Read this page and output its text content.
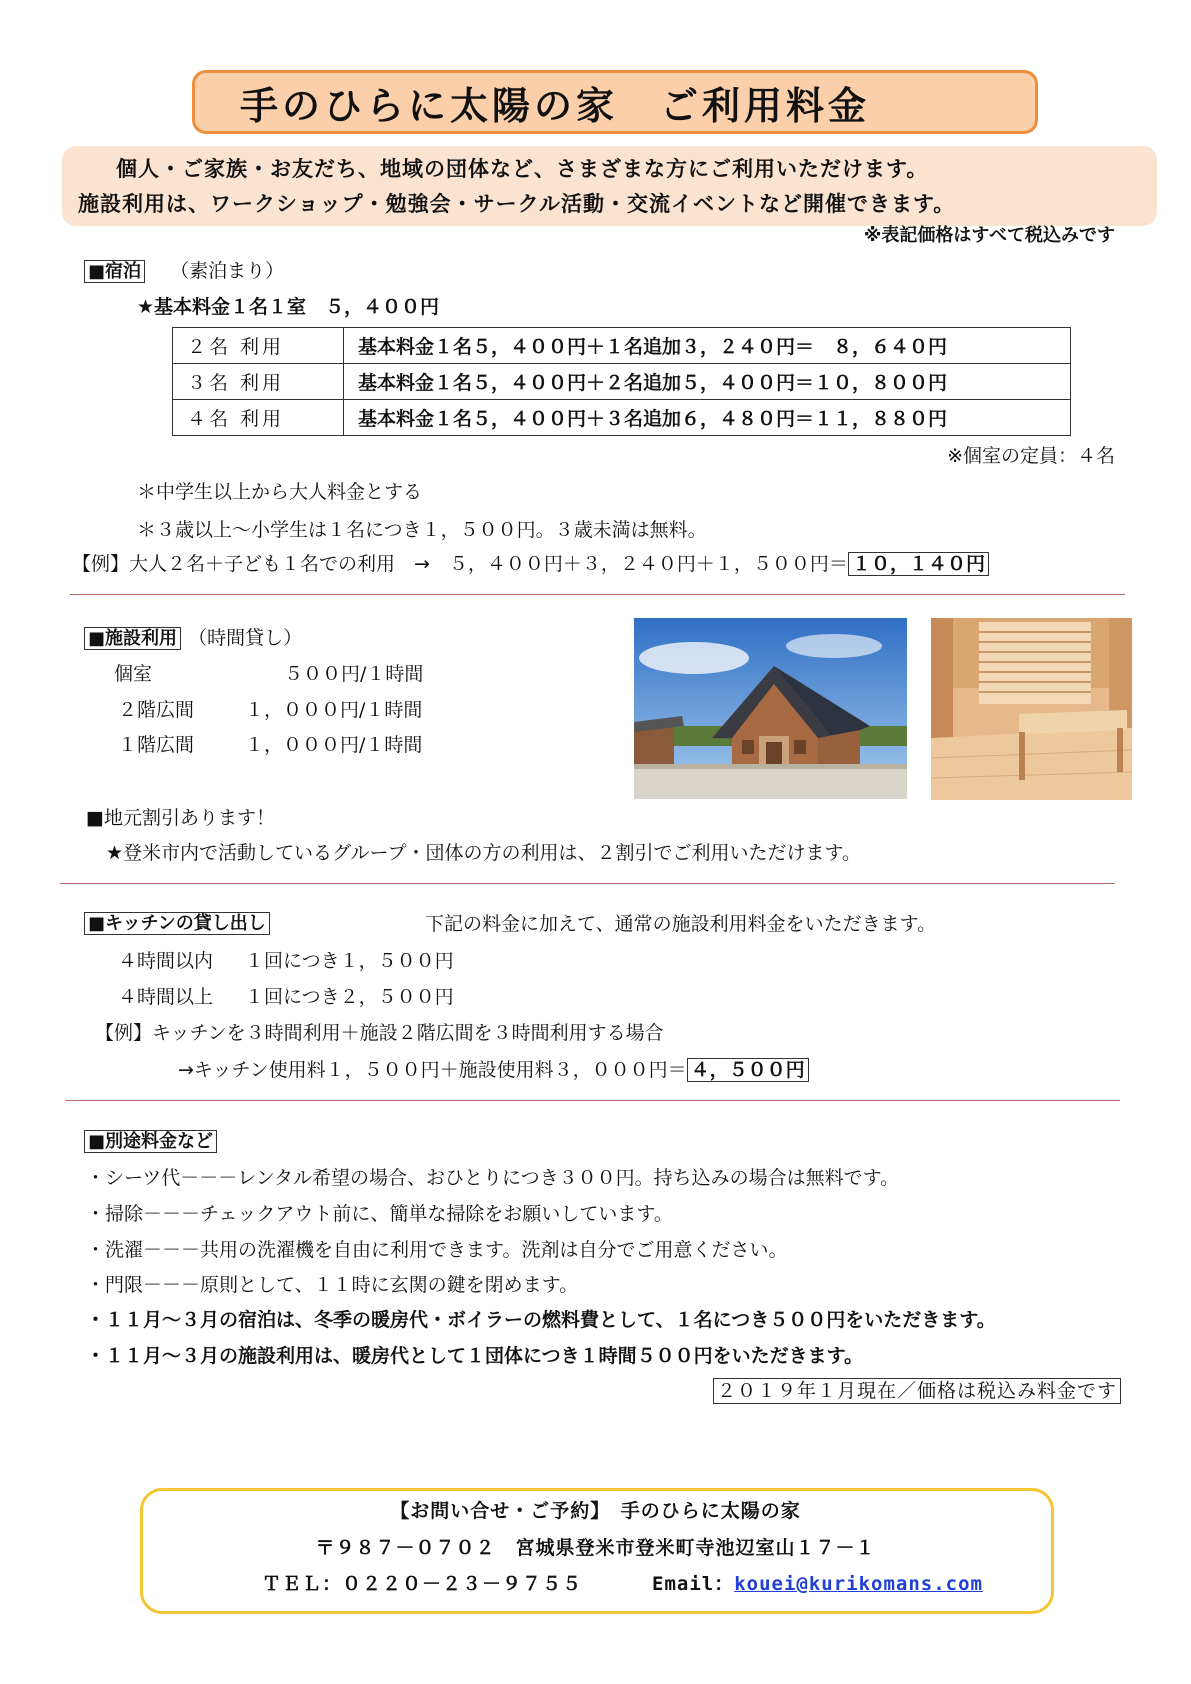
手のひらに太陽の家　ご利用料金
個人・ご家族・お友だち、地域の団体など、さまざまな方にご利用いただけます。
施設利用は、ワークショップ・勉強会・サークル活動・交流イベントなど開催できます。
※表記価格はすべて税込みです
■宿泊 （素泊まり）
★基本料金１名１室　５，４００円
２名 利用	基本料金１名５，４００円＋１名追加３，２４０円＝　８，６４０円
３名 利用	基本料金１名５，４００円＋２名追加５，４００円＝１０，８００円
４名 利用	基本料金１名５，４００円＋３名追加６，４８０円＝１１，８８０円
※個室の定員：４名
＊中学生以上から大人料金とする
＊３歳以上～小学生は１名につき１，５００円。３歳未満は無料。
【例】大人２名＋子ども１名での利用　→　５，４００円＋３，２４０円＋１，５００円＝ １０，１４０円
■施設利用 （時間貸し）
個室	５００円/１時間
２階広間	１，０００円/１時間
１階広間	１，０００円/１時間
■地元割引あります！
★登米市内で活動しているグループ・団体の方の利用は、２割引でご利用いただけます。
■キッチンの貸し出し	下記の料金に加えて、通常の施設利用料金をいただきます。
４時間以内 １回につき１，５００円
４時間以上 １回につき２，５００円
【例】キッチンを３時間利用＋施設２階広間を３時間利用する場合
→キッチン使用料１，５００円＋施設使用料３，０００円＝ ４，５００円
■別途料金など
・シーツ代－－－レンタル希望の場合、おひとりにつき３００円。持ち込みの場合は無料です。
・掃除－－－チェックアウト前に、簡単な掃除をお願いしています。
・洗濯－－－共用の洗濯機を自由に利用できます。洗剤は自分でご用意ください。
・門限－－－原則として、１１時に玄関の鍵を閉めます。
・１１月～３月の宿泊は、冬季の暖房代・ボイラーの燃料費として、１名につき５００円をいただきます。
・１１月～３月の施設利用は、暖房代として１団体につき１時間５００円をいただきます。
２０１９年１月現在／価格は税込み料金です
【お問い合せ・ご予約】　手のひらに太陽の家
〒９８７－０７０２　宮城県登米市登米町寺池辺室山１７－１
ＴＥＬ：０２２０－２３－９７５５	Email：kouei@kurikomans.com
